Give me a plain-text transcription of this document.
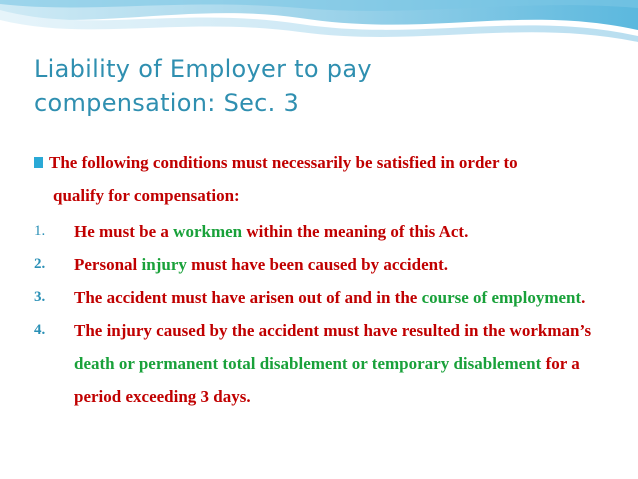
Liability of Employer to pay
compensation: Sec. 3
The following conditions must necessarily be satisfied in order to
qualify for compensation:
1. He must be a workmen within the meaning of this Act.
2. Personal injury must have been caused by accident.
3. The accident must have arisen out of and in the course of employment.
4. The injury caused by the accident must have resulted in the workman’s death or permanent total disablement or temporary disablement for a period exceeding 3 days.
